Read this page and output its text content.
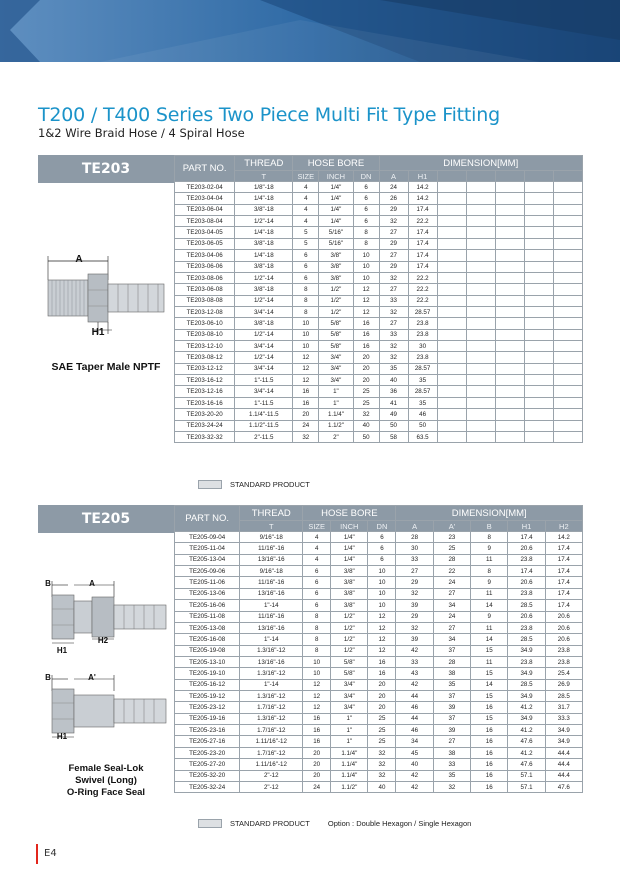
T200 / T400 Series Two Piece Multi Fit Type Fitting
1&2 Wire Braid Hose / 4 Spiral Hose
TE203
A
H1
SAE Taper Male NPTF
PART NO.	THREAD	HOSE BORE			DIMENSION[MM]						
	T	SIZE	INCH	DN	A	H1					
TE203-02-04	1/8"-18	4	1/4"	6	24	14.2					
TE203-04-04	1/4"-18	4	1/4"	6	26	14.2					
TE203-06-04	3/8"-18	4	1/4"	6	29	17.4					
TE203-08-04	1/2"-14	4	1/4"	6	32	22.2					
TE203-04-05	1/4"-18	5	5/16"	8	27	17.4					
TE203-06-05	3/8"-18	5	5/16"	8	29	17.4					
TE203-04-06	1/4"-18	6	3/8"	10	27	17.4					
TE203-06-06	3/8"-18	6	3/8"	10	29	17.4					
TE203-08-06	1/2"-14	6	3/8"	10	32	22.2					
TE203-06-08	3/8"-18	8	1/2"	12	27	22.2					
TE203-08-08	1/2"-14	8	1/2"	12	33	22.2					
TE203-12-08	3/4"-14	8	1/2"	12	32	28.57					
TE203-06-10	3/8"-18	10	5/8"	16	27	23.8					
TE203-08-10	1/2"-14	10	5/8"	16	33	23.8					
TE203-12-10	3/4"-14	10	5/8"	16	32	30					
TE203-08-12	1/2"-14	12	3/4"	20	32	23.8					
TE203-12-12	3/4"-14	12	3/4"	20	35	28.57					
TE203-16-12	1"-11.5	12	3/4"	20	40	35					
TE203-12-16	3/4"-14	16	1"	25	36	28.57					
TE203-16-16	1"-11.5	16	1"	25	41	35					
TE203-20-20	1.1/4"-11.5	20	1.1/4"	32	49	46					
TE203-24-24	1.1/2"-11.5	24	1.1/2"	40	50	50					
TE203-32-32	2"-11.5	32	2"	50	58	63.5					
STANDARD PRODUCT
TE205
B	A
H1
H2
B	A'
H1
Female Seal-Lok
Swivel (Long)
O-Ring Face Seal
PART NO.	THREAD	HOSE BORE			DIMENSION[MM]				
	T	SIZE	INCH	DN	A	A'	B	H1	H2
TE205-09-04	9/16"-18	4	1/4"	6	28	23	8	17.4	14.2
TE205-11-04	11/16"-16	4	1/4"	6	30	25	9	20.6	17.4
TE205-13-04	13/16"-16	4	1/4"	6	33	28	11	23.8	17.4
TE205-09-06	9/16"-18	6	3/8"	10	27	22	8	17.4	17.4
TE205-11-06	11/16"-16	6	3/8"	10	29	24	9	20.6	17.4
TE205-13-06	13/16"-16	6	3/8"	10	32	27	11	23.8	17.4
TE205-16-06	1"-14	6	3/8"	10	39	34	14	28.5	17.4
TE205-11-08	11/16"-16	8	1/2"	12	29	24	9	20.6	20.6
TE205-13-08	13/16"-16	8	1/2"	12	32	27	11	23.8	20.6
TE205-16-08	1"-14	8	1/2"	12	39	34	14	28.5	20.6
TE205-19-08	1.3/16"-12	8	1/2"	12	42	37	15	34.9	23.8
TE205-13-10	13/16"-16	10	5/8"	16	33	28	11	23.8	23.8
TE205-19-10	1.3/16"-12	10	5/8"	16	43	38	15	34.9	25.4
TE205-16-12	1"-14	12	3/4"	20	42	35	14	28.5	26.9
TE205-19-12	1.3/16"-12	12	3/4"	20	44	37	15	34.9	28.5
TE205-23-12	1.7/16"-12	12	3/4"	20	46	39	16	41.2	31.7
TE205-19-16	1.3/16"-12	16	1"	25	44	37	15	34.9	33.3
TE205-23-16	1.7/16"-12	16	1"	25	46	39	16	41.2	34.9
TE205-27-16	1.11/16"-12	16	1"	25	34	27	16	47.6	34.9
TE205-23-20	1.7/16"-12	20	1.1/4"	32	45	38	16	41.2	44.4
TE205-27-20	1.11/16"-12	20	1.1/4"	32	40	33	16	47.6	44.4
TE205-32-20	2"-12	20	1.1/4"	32	42	35	16	57.1	44.4
TE205-32-24	2"-12	24	1.1/2"	40	42	32	16	57.1	47.6
STANDARD PRODUCT Option : Double Hexagon / Single Hexagon
E4
